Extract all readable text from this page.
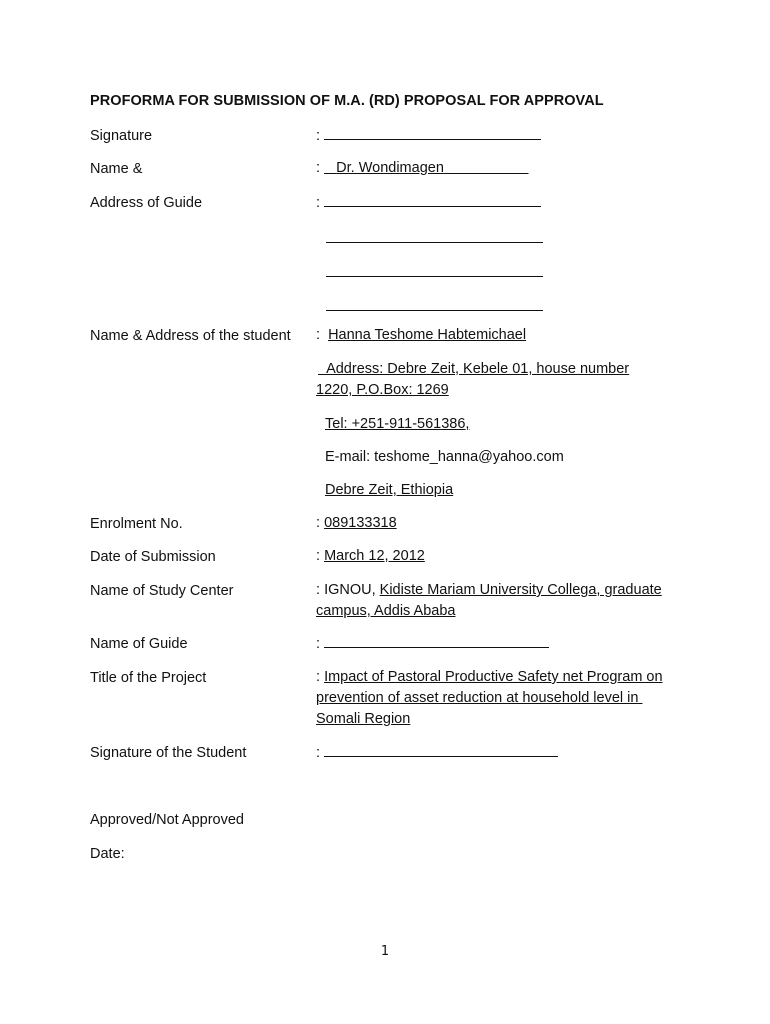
PROFORMA FOR SUBMISSION OF M.A. (RD) PROPOSAL FOR APPROVAL
Signature	:
Name &	: Dr. Wondimagen
Address of Guide	:
Name & Address of the student : Hanna Teshome Habtemichael
Address: Debre Zeit, Kebele 01, house number
1220, P.O.Box: 1269
Tel: +251-911-561386,
E-mail: teshome_hanna@yahoo.com
Debre Zeit, Ethiopia
Enrolment No.	: 089133318
Date of Submission	: March 12, 2012
Name of Study Center	: IGNOU, Kidiste Mariam University Collega, graduate
campus, Addis Ababa
Name of Guide	:
Title of the Project	: Impact of Pastoral Productive Safety net Program on
prevention of asset reduction at household level in
Somali Region
Signature of the Student	:
Approved/Not Approved
Date:
1
